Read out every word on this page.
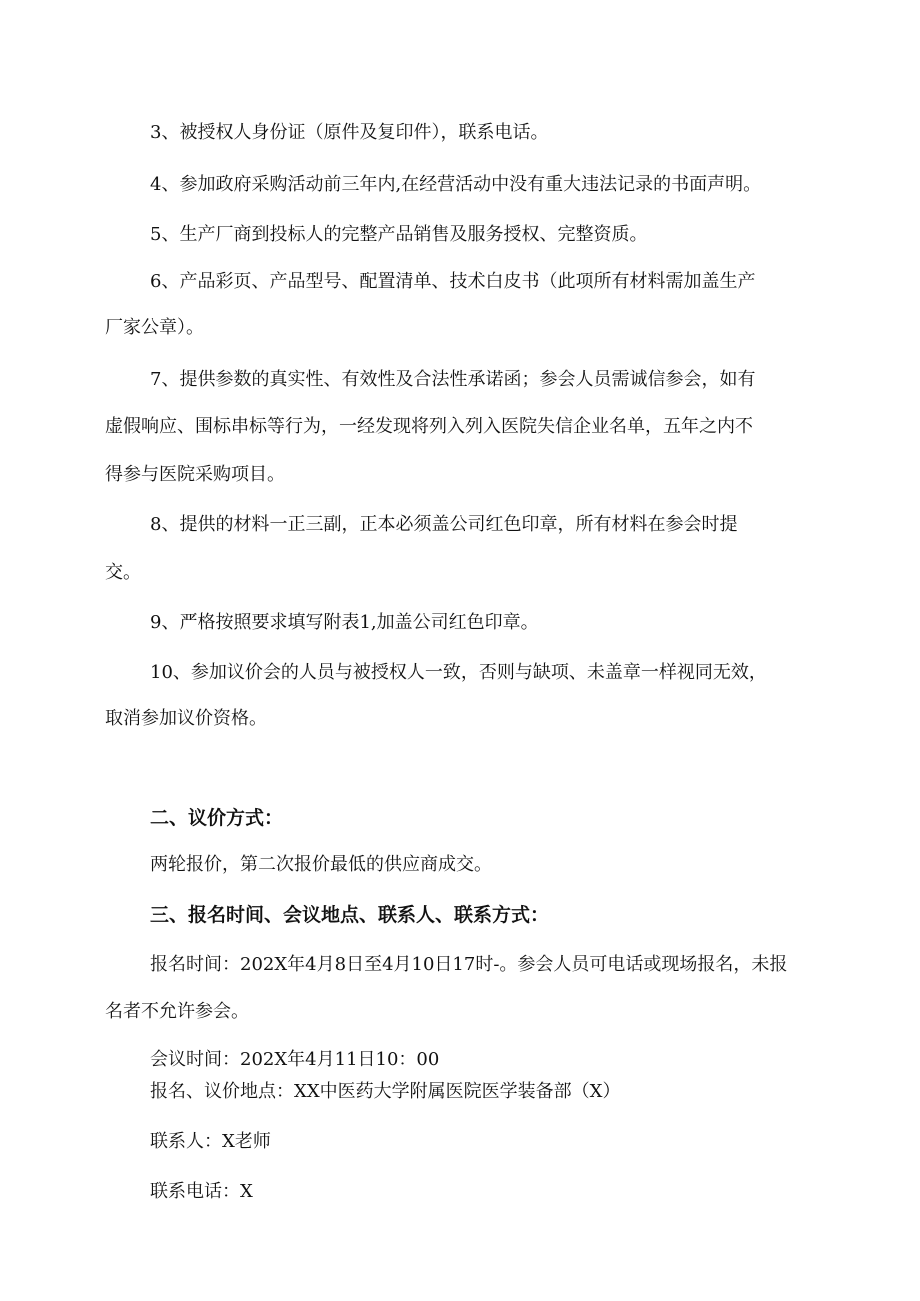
3、被授权人身份证（原件及复印件），联系电话。
4、参加政府采购活动前三年内,在经营活动中没有重大违法记录的书面声明。
5、生产厂商到投标人的完整产品销售及服务授权、完整资质。
6、产品彩页、产品型号、配置清单、技术白皮书（此项所有材料需加盖生产
厂家公章）。
7、提供参数的真实性、有效性及合法性承诺函；参会人员需诚信参会，如有
虚假响应、围标串标等行为，一经发现将列入列入医院失信企业名单，五年之内不
得参与医院采购项目。
8、提供的材料一正三副，正本必须盖公司红色印章，所有材料在参会时提
交。
9、严格按照要求填写附表1,加盖公司红色印章。
10、参加议价会的人员与被授权人一致，否则与缺项、未盖章一样视同无效，
取消参加议价资格。
二、议价方式：
两轮报价，第二次报价最低的供应商成交。
三、报名时间、会议地点、联系人、联系方式：
报名时间：202X年4月8日至4月10日17时-。参会人员可电话或现场报名，未报
名者不允许参会。
会议时间：202X年4月11日10：00
报名、议价地点：XX中医药大学附属医院医学装备部（X）
联系人：X老师
联系电话：X
